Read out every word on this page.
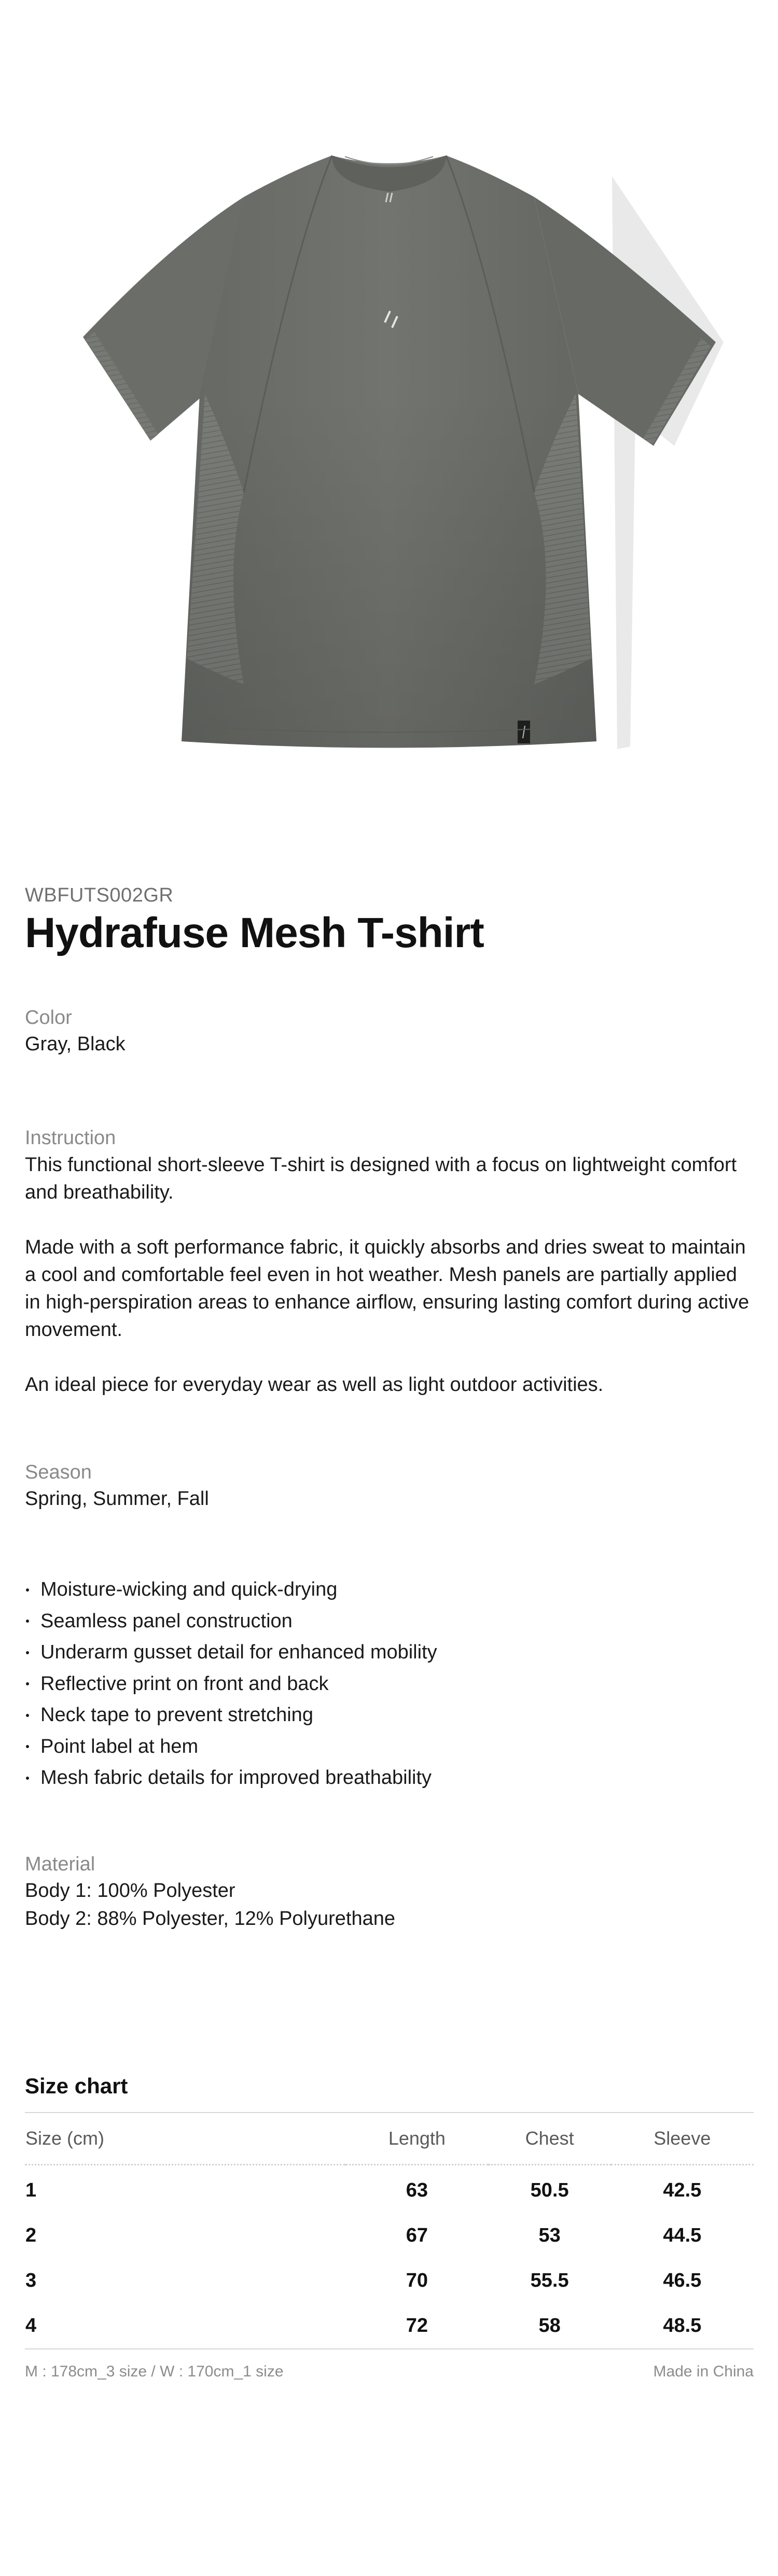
WBFUTS002GR

Hydrafuse Mesh T-shirt

Color

Gray, Black

Instruction

This functional short-sleeve T-shirt is designed with a focus on lightweight comfort and breathability.

Made with a soft performance fabric, it quickly absorbs and dries sweat to maintain a cool and comfortable feel even in hot weather. Mesh panels are partially applied in high-perspiration areas to enhance airflow, ensuring lasting comfort during active movement.

An ideal piece for everyday wear as well as light outdoor activities.

Season

Spring, Summer, Fall

Moisture-wicking and quick-drying
Seamless panel construction
Underarm gusset detail for enhanced mobility
Reflective print on front and back
Neck tape to prevent stretching
Point label at hem
Mesh fabric details for improved breathability

Material

Body 1: 100% Polyester

Body 2: 88% Polyester, 12% Polyurethane

Size chart
Size (cm)	Length	Chest	Sleeve
1	63	50.5	42.5
2	67	53	44.5
3	70	55.5	46.5
4	72	58	48.5
M : 178cm_3 size / W : 170cm_1 size	Made in China
